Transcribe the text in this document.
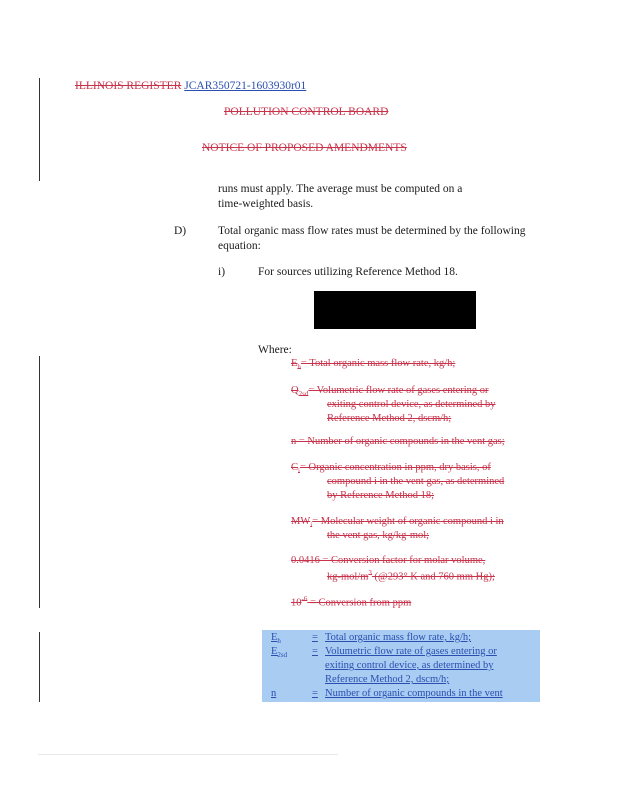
ILLINOIS REGISTER JCAR350721-1603930r01
POLLUTION CONTROL BOARD
NOTICE OF PROPOSED AMENDMENTS
runs must apply. The average must be computed on a
time-weighted basis.
D)	Total organic mass flow rates must be determined by the following
equation:
i)	For sources utilizing Reference Method 18.
Where:
$E_h=$ Total organic mass flow rate, kg/h;
$Q_{2sd}=$ Volumetric flow rate of gases entering or
exiting control device, as determined by
Reference Method 2, dscm/h;
n = Number of organic compounds in the vent gas;
$C_i=$ Organic concentration in ppm, dry basis, of
compound i in the vent gas, as determined
by Reference Method 18;
$MW_i=$ Molecular weight of organic compound i in
the vent gas, kg/kg-mol;
0.0416 = Conversion factor for molar volume,
$kg-mol/m^3$ (@293° K and 760 mm Hg);
$10^{-6}$ = Conversion from ppm
$E_h$	= Total organic mass flow rate, kg/h;
$E_{2sd}$ = Volumetric flow rate of gases entering or
exiting control device, as determined by
Reference Method 2, dscm/h;
n	= Number of organic compounds in the vent
